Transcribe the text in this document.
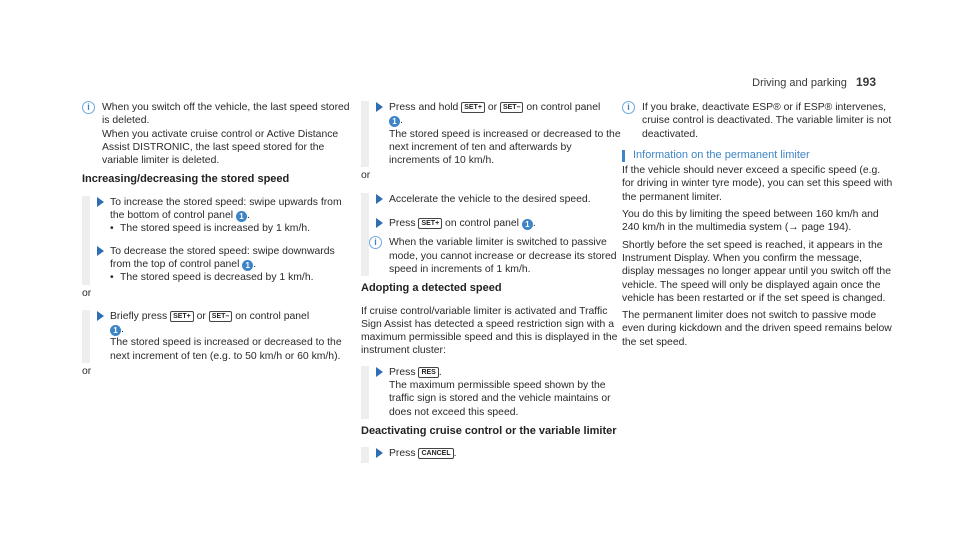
Driving and parking 193
i	When you switch off the vehicle, the last speed stored is deleted.

When you activate cruise control or Active Distance Assist DISTRONIC, the last speed stored for the variable limiter is deleted.

Increasing/decreasing the stored speed

To increase the stored speed: swipe upwards from the bottom of control panel 1 .

• The stored speed is increased by 1 km/h.

To decrease the stored speed: swipe downwards from the top of control panel 1 .

• The stored speed is decreased by 1 km/h.

or

Briefly press SET+ or SET– on control panel

1 .

The stored speed is increased or decreased to the next increment of ten (e.g. to 50 km/h or 60 km/h).

or

Press and hold SET+ or SET– on control panel

1 .

The stored speed is increased or decreased to the next increment of ten and afterwards by increments of 10 km/h.

or

Accelerate the vehicle to the desired speed.

Press SET+ on control panel 1 .

i	When the variable limiter is switched to passive mode, you cannot increase or decrease its stored speed in increments of 1 km/h.

Adopting a detected speed

If cruise control/variable limiter is activated and Traffic Sign Assist has detected a speed restriction sign with a maximum permissible speed and this is displayed in the instrument cluster:

Press RES .

The maximum permissible speed shown by the traffic sign is stored and the vehicle maintains or does not exceed this speed.

Deactivating cruise control or the variable limiter

Press CANCEL .

i	If you brake, deactivate ESP® or if ESP® intervenes, cruise control is deactivated. The variable limiter is not deactivated.

Information on the permanent limiter

If the vehicle should never exceed a specific speed (e.g. for driving in winter tyre mode), you can set this speed with the permanent limiter.

You do this by limiting the speed between 160 km/h and 240 km/h in the multimedia system (→ page 194).

Shortly before the set speed is reached, it appears in the Instrument Display. When you confirm the message, display messages no longer appear until you switch off the vehicle. The speed will only be displayed again once the vehicle has been restarted or if the set speed is changed.

The permanent limiter does not switch to passive mode even during kickdown and the driven speed remains below the set speed.
